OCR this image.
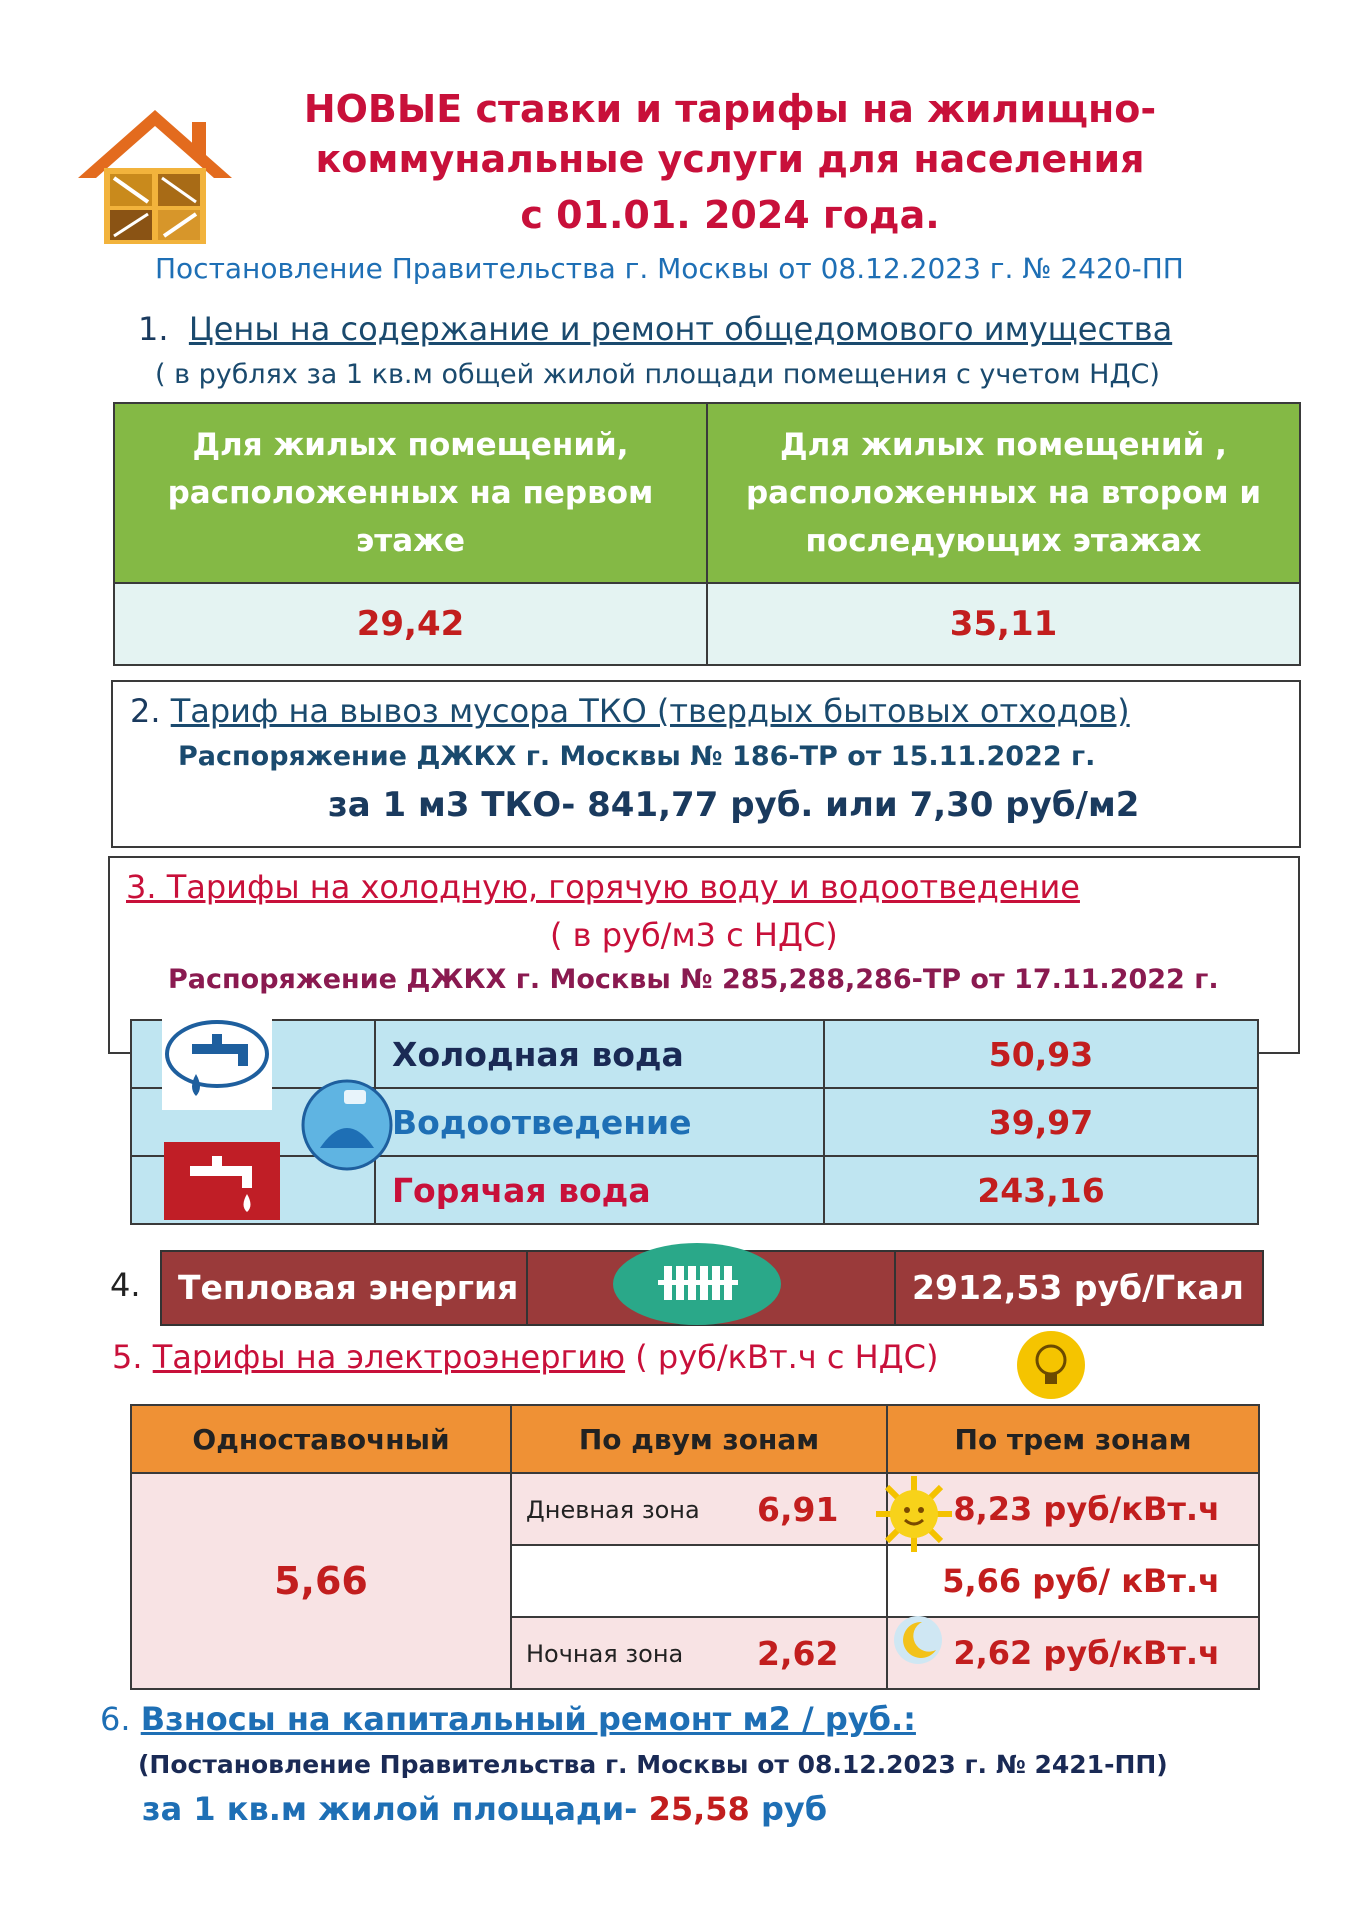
НОВЫЕ ставки и тарифы на жилищно-
коммунальные услуги для населения
с 01.01. 2024 года.
Постановление Правительства г. Москвы от 08.12.2023 г. № 2420-ПП
1. Цены на содержание и ремонт общедомового имущества
( в рублях за 1 кв.м общей жилой площади помещения с учетом НДС)
Для жилых помещений, расположенных на первом этаже	Для жилых помещений , расположенных на втором и последующих этажах
29,42	35,11
2. Тариф на вывоз мусора ТКО (твердых бытовых отходов)
Распоряжение ДЖКХ г. Москвы № 186-ТР от 15.11.2022 г.
за 1 м3 ТКО- 841,77 руб. или 7,30 руб/м2
3. Тарифы на холодную, горячую воду и водоотведение
( в руб/м3 с НДС)
Распоряжение ДЖКХ г. Москвы № 285,288,286-ТР от 17.11.2022 г.
	Холодная вода	50,93
	Водоотведение	39,97
	Горячая вода	243,16
4.	Тепловая энергия	2912,53 руб/Гкал
5. Тарифы на электроэнергию ( руб/кВт.ч с НДС)
Одноставочный	По двум зонам	По трем зонам
5,66	Дневная зона 6,91	8,23 руб/кВт.ч
		5,66 руб/ кВт.ч

	Ночная зона 2,62	2,62 руб/кВт.ч
6. Взносы на капитальный ремонт м2 / руб.:
(Постановление Правительства г. Москвы от 08.12.2023 г. № 2421-ПП)
за 1 кв.м жилой площади- 25,58 руб
